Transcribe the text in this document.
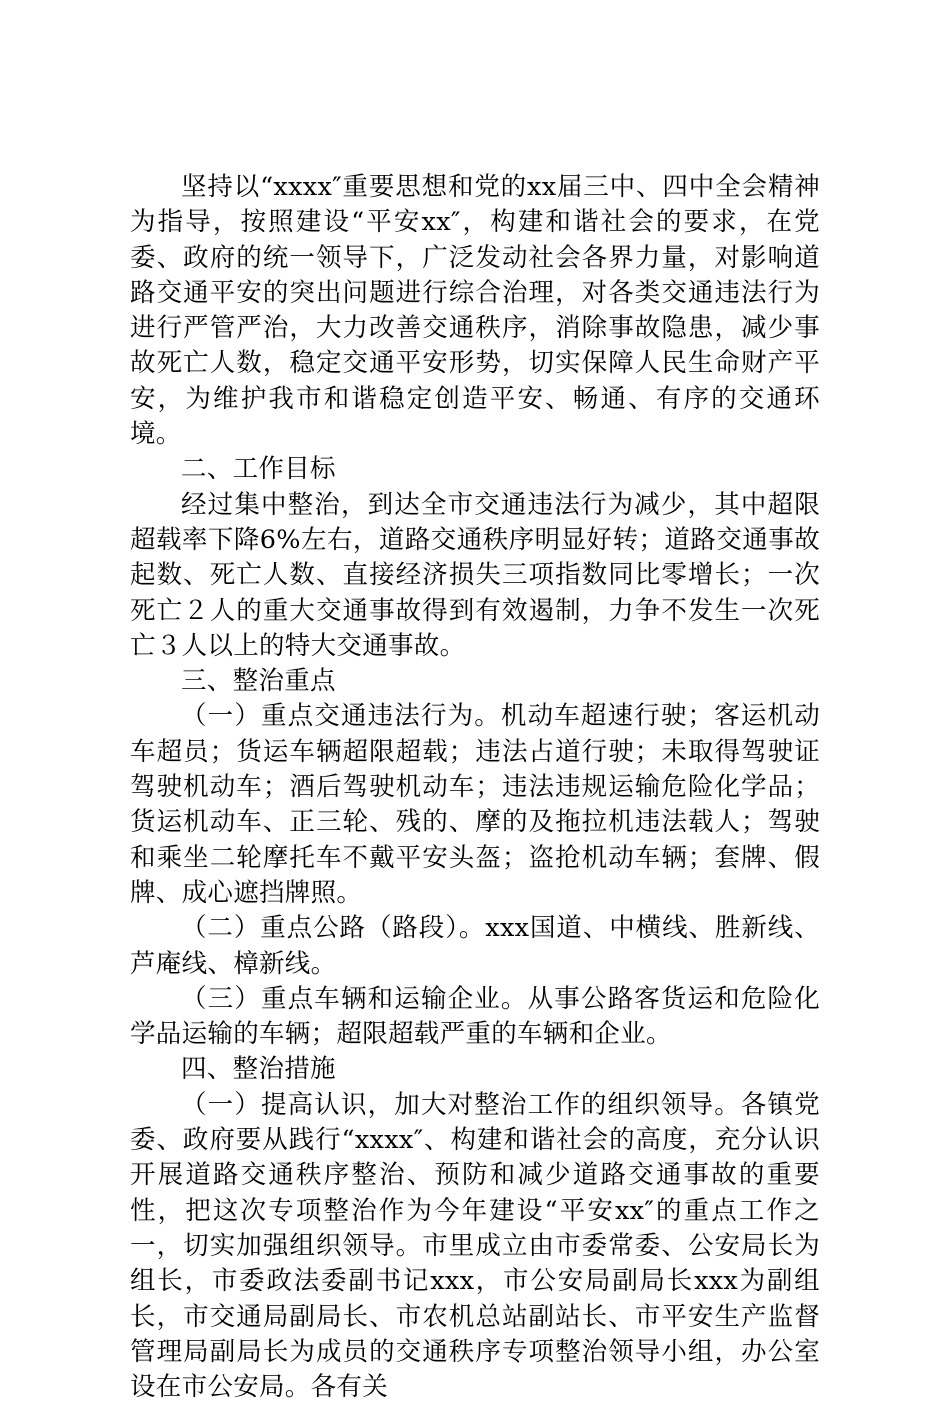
坚持以“xxxx″重要思想和党的xx届三中、四中全会精神为指导，按照建设“平安xx″，构建和谐社会的要求，在党委、政府的统一领导下，广泛发动社会各界力量，对影响道路交通平安的突出问题进行综合治理，对各类交通违法行为进行严管严治，大力改善交通秩序，消除事故隐患，减少事故死亡人数，稳定交通平安形势，切实保障人民生命财产平安，为维护我市和谐稳定创造平安、畅通、有序的交通环境。

二、工作目标

经过集中整治，到达全市交通违法行为减少，其中超限超载率下降6%左右，道路交通秩序明显好转；道路交通事故起数、死亡人数、直接经济损失三项指数同比零增长；一次死亡２人的重大交通事故得到有效遏制，力争不发生一次死亡３人以上的特大交通事故。

三、整治重点

（一）重点交通违法行为。机动车超速行驶；客运机动车超员；货运车辆超限超载；违法占道行驶；未取得驾驶证驾驶机动车；酒后驾驶机动车；违法违规运输危险化学品；货运机动车、正三轮、残的、摩的及拖拉机违法载人；驾驶和乘坐二轮摩托车不戴平安头盔；盗抢机动车辆；套牌、假牌、成心遮挡牌照。

（二）重点公路（路段）。xxx国道、中横线、胜新线、芦庵线、樟新线。

（三）重点车辆和运输企业。从事公路客货运和危险化学品运输的车辆；超限超载严重的车辆和企业。

四、整治措施

（一）提高认识，加大对整治工作的组织领导。各镇党委、政府要从践行“xxxx″、构建和谐社会的高度，充分认识开展道路交通秩序整治、预防和减少道路交通事故的重要性，把这次专项整治作为今年建设“平安xx″的重点工作之一，切实加强组织领导。市里成立由市委常委、公安局长为组长，市委政法委副书记xxx，市公安局副局长xxx为副组长，市交通局副局长、市农机总站副站长、市平安生产监督管理局副局长为成员的交通秩序专项整治领导小组，办公室设在市公安局。各有关
